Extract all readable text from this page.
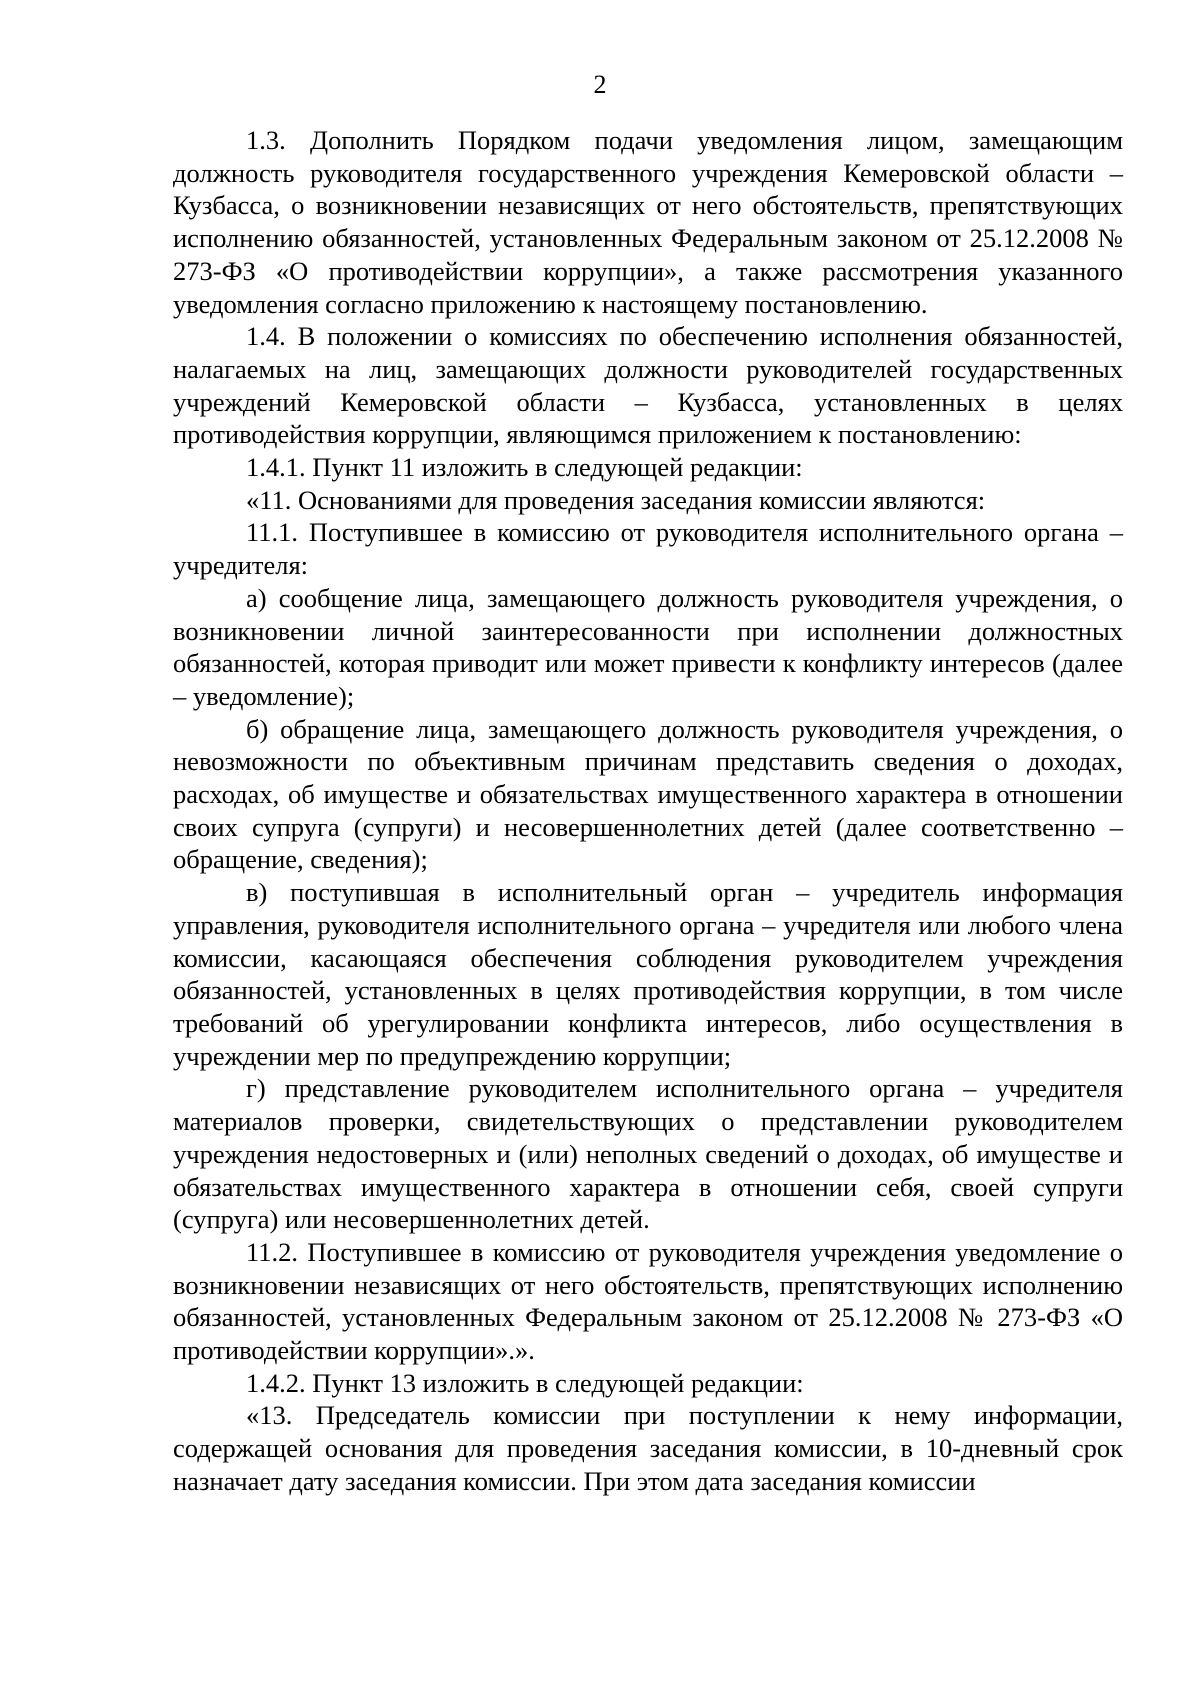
2

1.3. Дополнить Порядком подачи уведомления лицом, замещающим должность руководителя государственного учреждения Кемеровской области – Кузбасса, о возникновении независящих от него обстоятельств, препятствующих исполнению обязанностей, установленных Федеральным законом от 25.12.2008 № 273-ФЗ «О противодействии коррупции», а также рассмотрения указанного уведомления согласно приложению к настоящему постановлению.

1.4. В положении о комиссиях по обеспечению исполнения обязанностей, налагаемых на лиц, замещающих должности руководителей государственных учреждений Кемеровской области – Кузбасса, установленных в целях противодействия коррупции, являющимся приложением к постановлению:

1.4.1. Пункт 11 изложить в следующей редакции:

«11. Основаниями для проведения заседания комиссии являются:

11.1. Поступившее в комиссию от руководителя исполнительного органа – учредителя:

а) сообщение лица, замещающего должность руководителя учреждения, о возникновении личной заинтересованности при исполнении должностных обязанностей, которая приводит или может привести к конфликту интересов (далее – уведомление);

б) обращение лица, замещающего должность руководителя учреждения, о невозможности по объективным причинам представить сведения о доходах, расходах, об имуществе и обязательствах имущественного характера в отношении своих супруга (супруги) и несовершеннолетних детей (далее соответственно – обращение, сведения);

в) поступившая в исполнительный орган – учредитель информация управления, руководителя исполнительного органа – учредителя или любого члена комиссии, касающаяся обеспечения соблюдения руководителем учреждения обязанностей, установленных в целях противодействия коррупции, в том числе требований об урегулировании конфликта интересов, либо осуществления в учреждении мер по предупреждению коррупции;

г) представление руководителем исполнительного органа – учредителя материалов проверки, свидетельствующих о представлении руководителем учреждения недостоверных и (или) неполных сведений о доходах, об имуществе и обязательствах имущественного характера в отношении себя, своей супруги (супруга) или несовершеннолетних детей.

11.2. Поступившее в комиссию от руководителя учреждения уведомление о возникновении независящих от него обстоятельств, препятствующих исполнению обязанностей, установленных Федеральным законом от 25.12.2008 № 273-ФЗ «О противодействии коррупции».».

1.4.2. Пункт 13 изложить в следующей редакции:

«13. Председатель комиссии при поступлении к нему информации, содержащей основания для проведения заседания комиссии, в 10-дневный срок назначает дату заседания комиссии. При этом дата заседания комиссии
